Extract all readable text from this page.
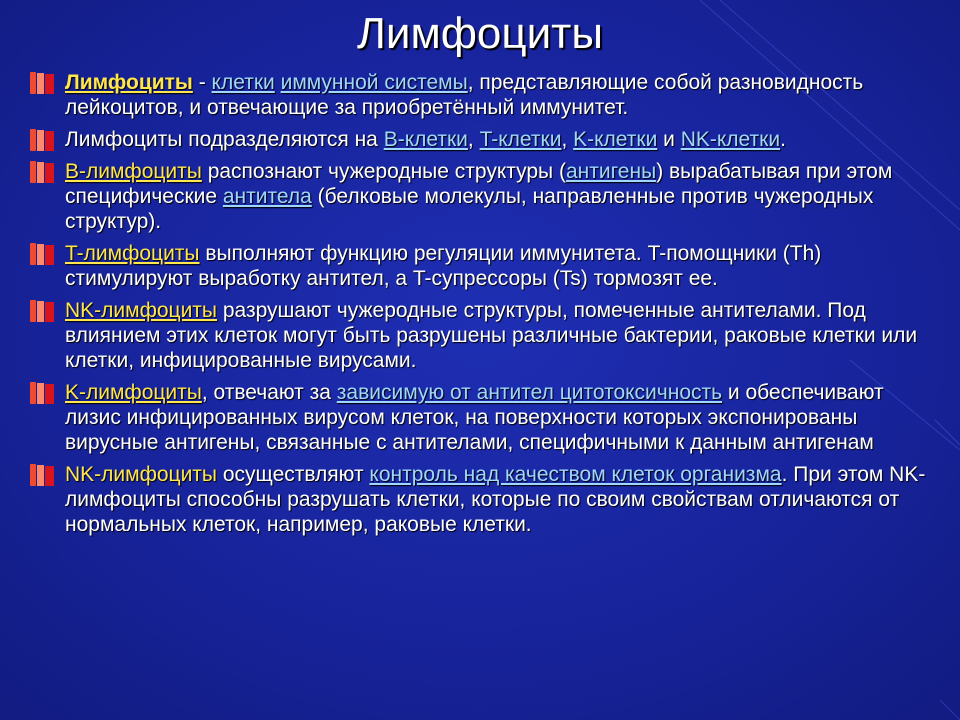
Лимфоциты
Лимфоциты - клетки иммунной системы, представляющие собой разновидность лейкоцитов, и отвечающие за приобретённый иммунитет.
Лимфоциты подразделяются на B-клетки, T-клетки, K-клетки и NK-клетки.
B-лимфоциты распознают чужеродные структуры (антигены) вырабатывая при этом специфические антитела (белковые молекулы, направленные против чужеродных структур).
T-лимфоциты выполняют функцию регуляции иммунитета. T-помощники (Th) стимулируют выработку антител, а T-супрессоры (Ts) тормозят ее.
NK-лимфоциты разрушают чужеродные структуры, помеченные антителами. Под влиянием этих клеток могут быть разрушены различные бактерии, раковые клетки или клетки, инфицированные вирусами.
K-лимфоциты, отвечают за зависимую от антител цитотоксичность и обеспечивают лизис инфицированных вирусом клеток, на поверхности которых экспонированы вирусные антигены, связанные с антителами, специфичными к данным антигенам
NK-лимфоциты осуществляют контроль над качеством клеток организма. При этом NK-лимфоциты способны разрушать клетки, которые по своим свойствам отличаются от нормальных клеток, например, раковые клетки.
